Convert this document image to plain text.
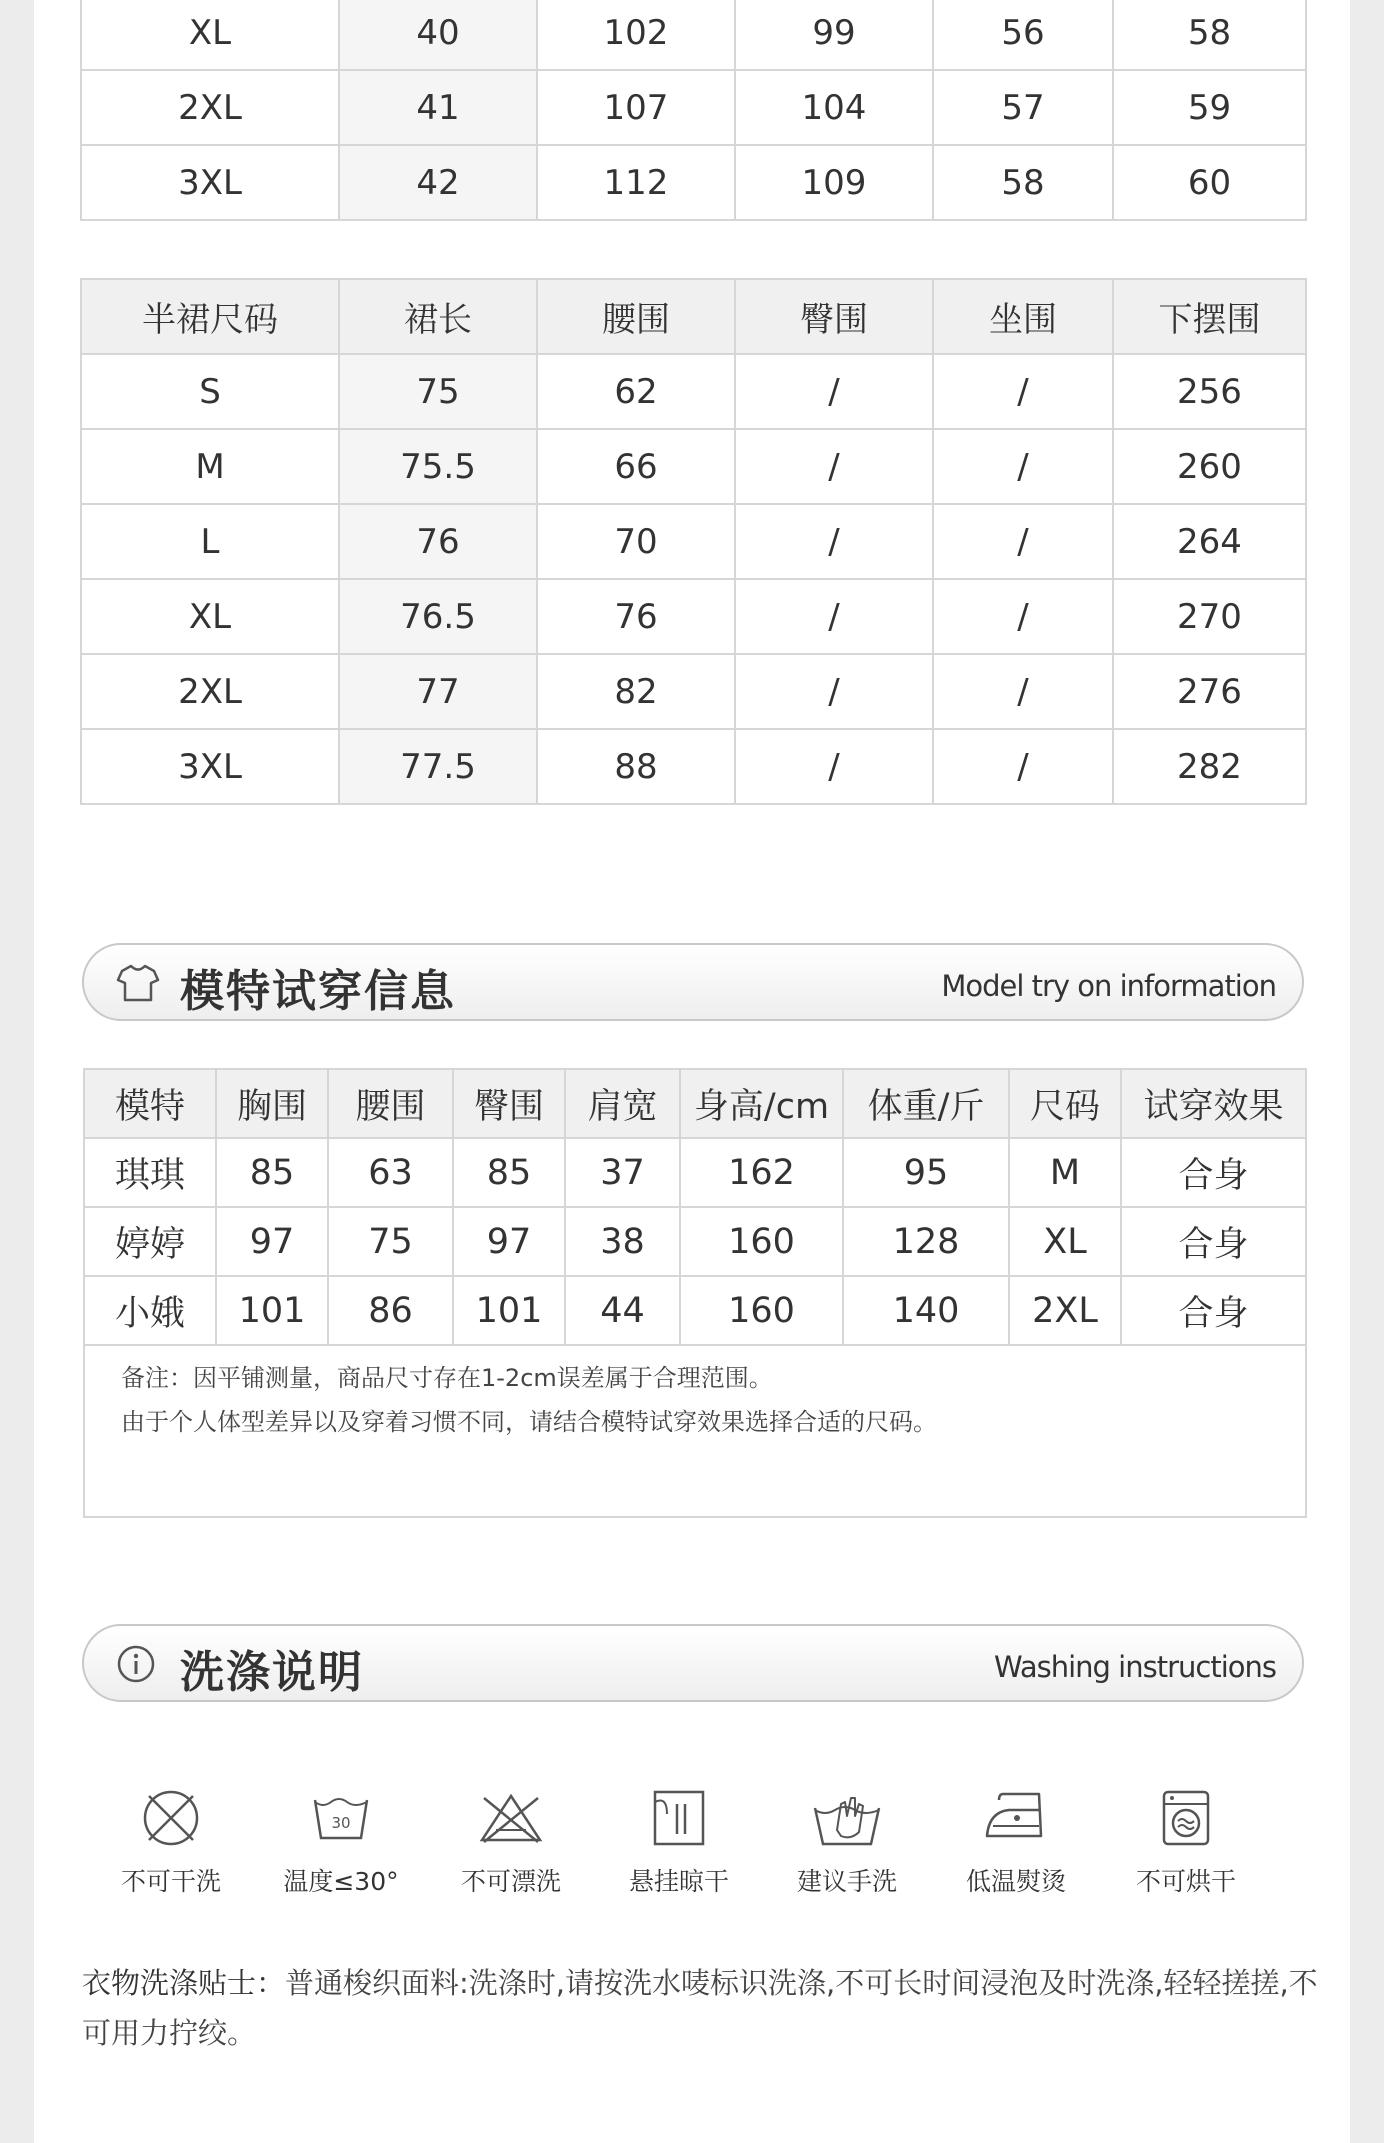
XL	40	102	99	56	58
2XL	41	107	104	57	59
3XL	42	112	109	58	60
半裙尺码	裙长	腰围	臀围	坐围	下摆围
S	75	62	/	/	256
M	75.5	66	/	/	260
L	76	70	/	/	264
XL	76.5	76	/	/	270
2XL	77	82	/	/	276
3XL	77.5	88	/	/	282
模特试穿信息	Model try on information
模特	胸围	腰围	臀围	肩宽	身高/cm	体重/斤	尺码	试穿效果
琪琪	85	63	85	37	162	95	M	合身
婷婷	97	75	97	38	160	128	XL	合身
小娥	101	86	101	44	160	140	2XL	合身

备注：因平铺测量，商品尺寸存在1-2cm误差属于合理范围。
由于个人体型差异以及穿着习惯不同，请结合模特试穿效果选择合适的尺码。								
洗涤说明	Washing instructions
不可干洗
30
温度≤30°	不可漂洗	悬挂晾干	建议手洗	低温熨烫	不可烘干
衣物洗涤贴士：普通梭织面料:洗涤时,请按洗水唛标识洗涤,不可长时间浸泡及时洗涤,轻轻搓搓,不可用力拧绞。
